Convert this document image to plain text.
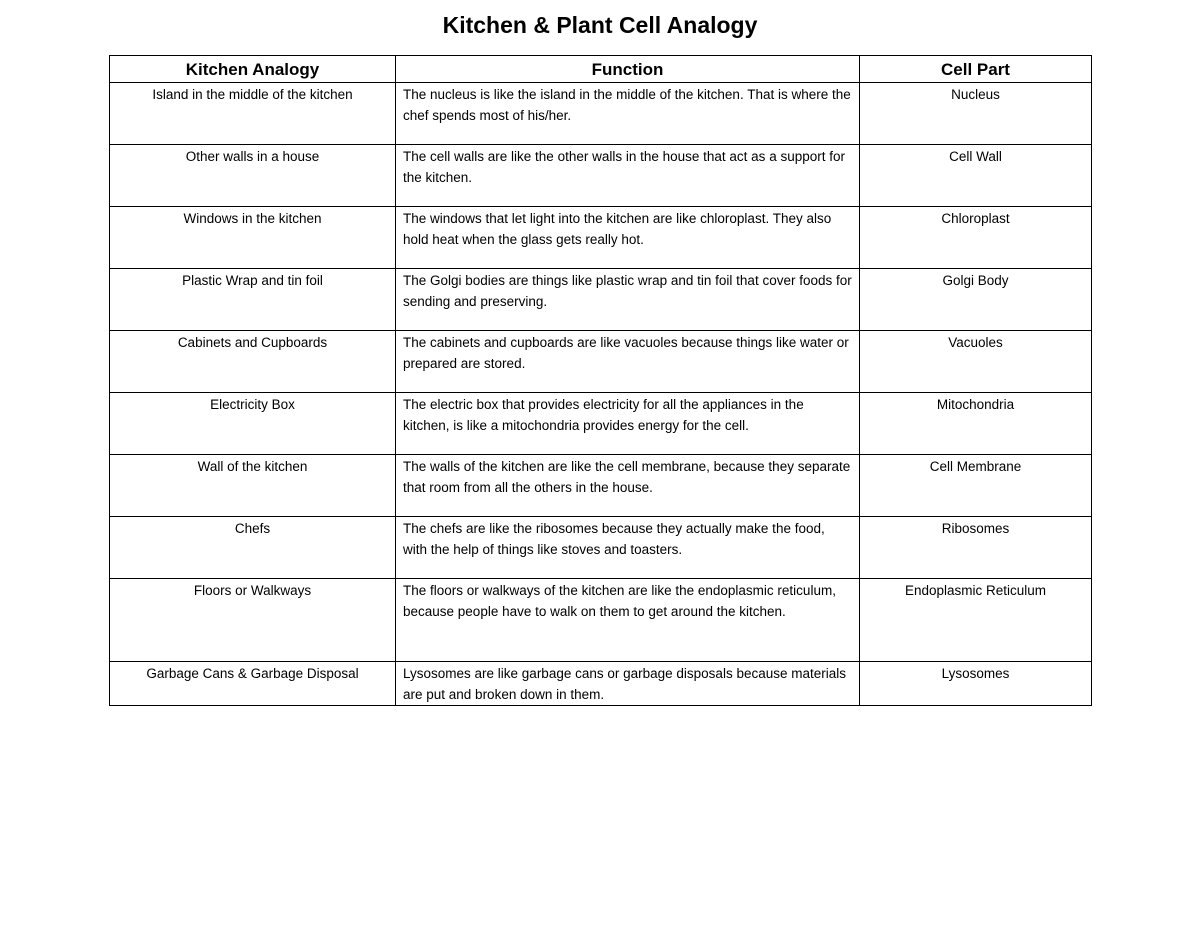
Kitchen & Plant Cell Analogy
Kitchen Analogy	Function	Cell Part
Island in the middle of the kitchen	The nucleus is like the island in the middle of the kitchen. That is where the chef spends most of his/her.	Nucleus
Other walls in a house	The cell walls are like the other walls in the house that act as a support for the kitchen.	Cell Wall
Windows in the kitchen	The windows that let light into the kitchen are like chloroplast. They also hold heat when the glass gets really hot.	Chloroplast
Plastic Wrap and tin foil	The Golgi bodies are things like plastic wrap and tin foil that cover foods for sending and preserving.	Golgi Body
Cabinets and Cupboards	The cabinets and cupboards are like vacuoles because things like water or prepared are stored.	Vacuoles
Electricity Box	The electric box that provides electricity for all the appliances in the kitchen, is like a mitochondria provides energy for the cell.	Mitochondria
Wall of the kitchen	The walls of the kitchen are like the cell membrane, because they separate that room from all the others in the house.	Cell Membrane
Chefs	The chefs are like the ribosomes because they actually make the food, with the help of things like stoves and toasters.	Ribosomes
Floors or Walkways	The floors or walkways of the kitchen are like the endoplasmic reticulum, because people have to walk on them to get around the kitchen.	Endoplasmic Reticulum
Garbage Cans & Garbage Disposal	Lysosomes are like garbage cans or garbage disposals because materials are put and broken down in them.	Lysosomes
